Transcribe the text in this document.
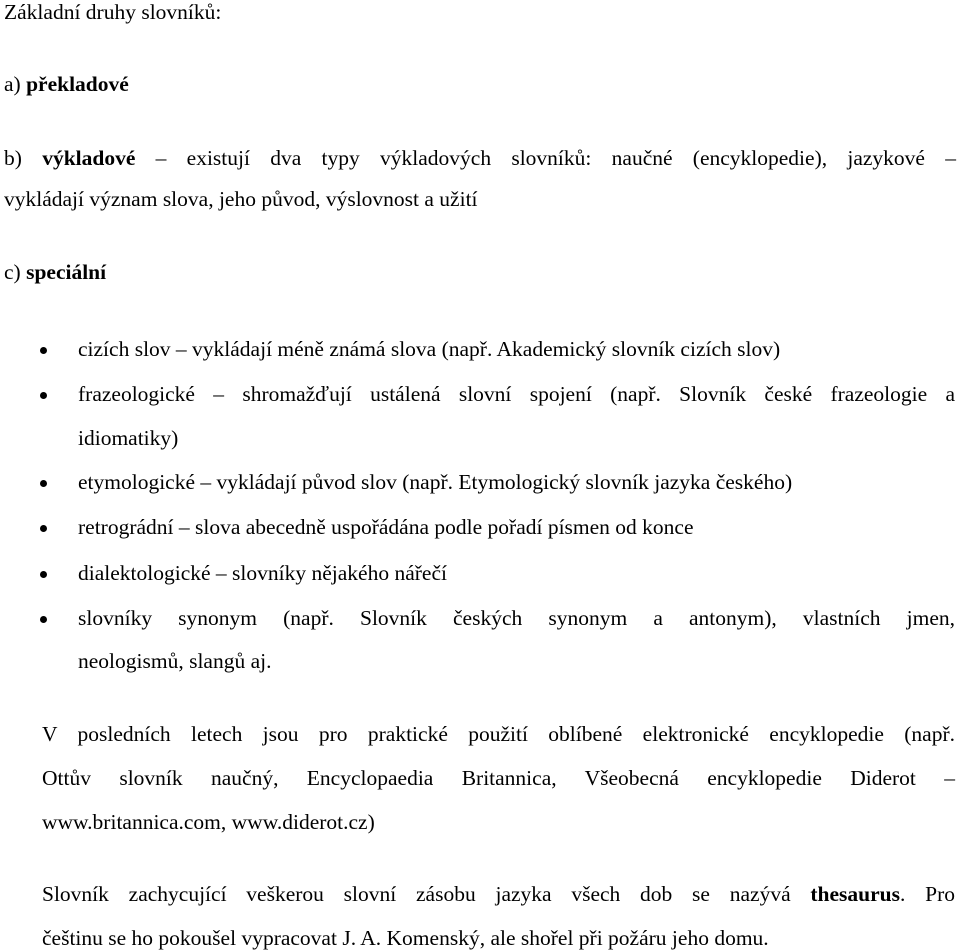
Základní druhy slovníků:
a) překladové
b) výkladové – existují dva typy výkladových slovníků: naučné (encyklopedie), jazykové –
vykládají význam slova, jeho původ, výslovnost a užití
c) speciální
cizích slov – vykládají méně známá slova (např. Akademický slovník cizích slov)
frazeologické – shromažďují ustálená slovní spojení (např. Slovník české frazeologie a
idiomatiky)
etymologické – vykládají původ slov (např. Etymologický slovník jazyka českého)
retrográdní – slova abecedně uspořádána podle pořadí písmen od konce
dialektologické – slovníky nějakého nářečí
slovníky synonym (např. Slovník českých synonym a antonym), vlastních jmen,
neologismů, slangů aj.
V posledních letech jsou pro praktické použití oblíbené elektronické encyklopedie (např.
Ottův slovník naučný, Encyclopaedia Britannica, Všeobecná encyklopedie Diderot –
www.britannica.com, www.diderot.cz)
Slovník zachycující veškerou slovní zásobu jazyka všech dob se nazývá thesaurus. Pro
češtinu se ho pokoušel vypracovat J. A. Komenský, ale shořel při požáru jeho domu.
